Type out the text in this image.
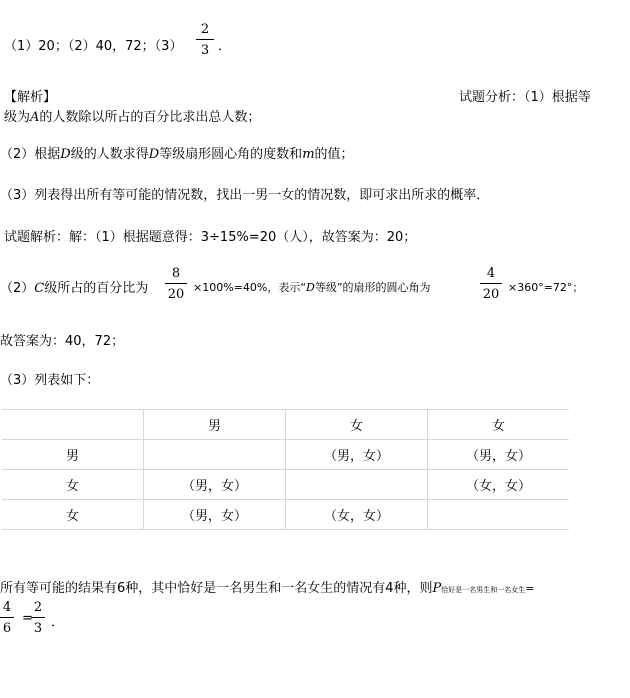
（1）20；（2）40，72；（3）
2
3 ．
【解析】	试题分析：（1）根据等
级为A的人数除以所占的百分比求出总人数；
（2）根据D级的人数求得D等级扇形圆心角的度数和m的值；
（3）列表得出所有等可能的情况数，找出一男一女的情况数，即可求出所求的概率．
试题解析：解：（1）根据题意得：3÷15%=20（人），故答案为：20；
（2）C级所占的百分比为
8
20 ×100%=40%，表示“D等级”的扇形的圆心角为
4
20 ×360°=72°；
故答案为：40，72；
（3）列表如下：
	男	女	女
男		（男，女）	（男，女）
女	（男，女）		（女，女）
女	（男，女）	（女，女）	
所有等可能的结果有6种，其中恰好是一名男生和一名女生的情况有4种，则P恰好是一名男生和一名女生=
4
6
=
2
3 ．
